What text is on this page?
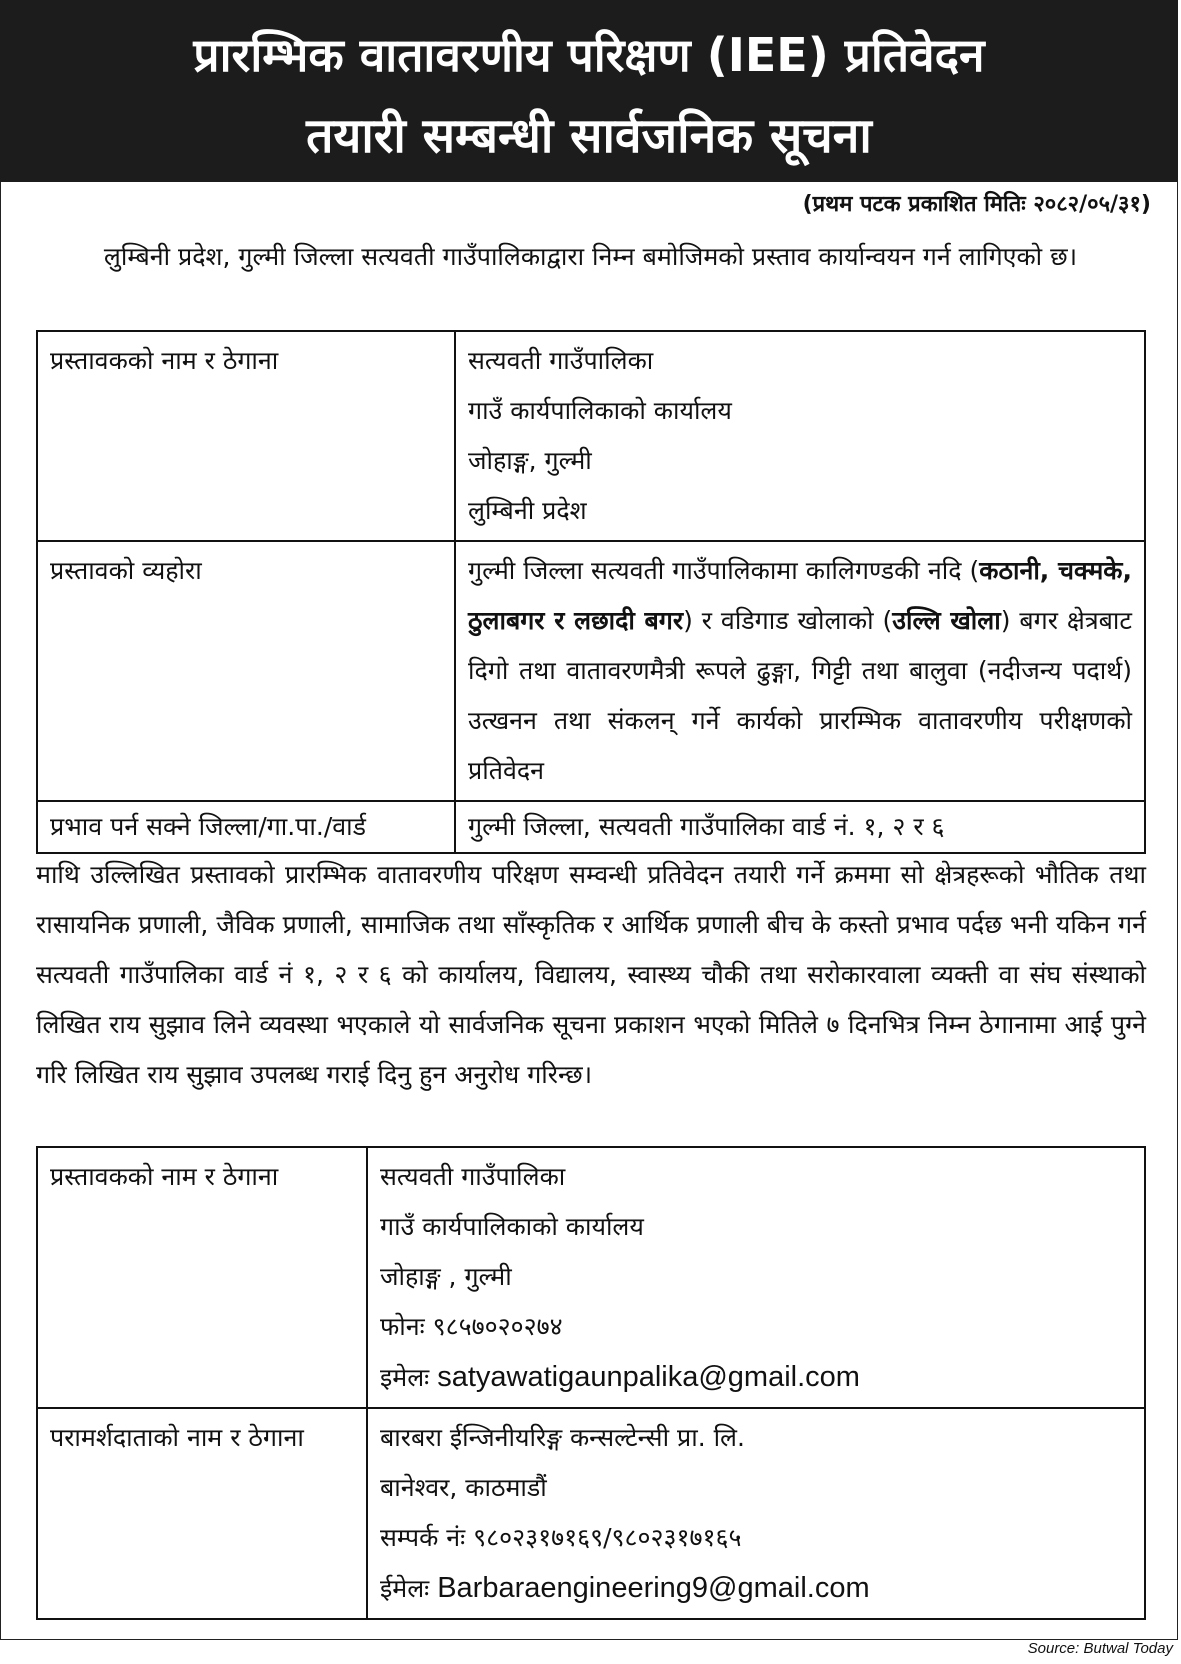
प्रारम्भिक वातावरणीय परिक्षण (IEE) प्रतिवेदन
तयारी सम्बन्धी सार्वजनिक सूचना
(प्रथम पटक प्रकाशित मितिः २०८२/०५/३१)
लुम्बिनी प्रदेश, गुल्मी जिल्ला सत्यवती गाउँपालिकाद्वारा निम्न बमोजिमको प्रस्ताव कार्यान्वयन गर्न लागिएको छ।
प्रस्तावकको नाम र ठेगाना	सत्यवती गाउँपालिका
गाउँ कार्यपालिकाको कार्यालय
जोहाङ्ग, गुल्मी
लुम्बिनी प्रदेश

प्रस्तावको व्यहोरा	गुल्मी जिल्ला सत्यवती गाउँपालिकामा कालिगण्डकी नदि (कठानी, चक्मके, ठुलाबगर र लछादी बगर) र वडिगाड खोलाको (उल्लि खोला) बगर क्षेत्रबाट दिगो तथा वातावरणमैत्री रूपले ढुङ्गा, गिट्टी तथा बालुवा (नदीजन्य पदार्थ) उत्खनन तथा संकलन् गर्ने कार्यको प्रारम्भिक वातावरणीय परीक्षणको प्रतिवेदन
प्रभाव पर्न सक्ने जिल्ला/गा.पा./वार्ड	गुल्मी जिल्ला, सत्यवती गाउँपालिका वार्ड नं. १, २ र ६
माथि उल्लिखित प्रस्तावको प्रारम्भिक वातावरणीय परिक्षण सम्वन्धी प्रतिवेदन तयारी गर्ने क्रममा सो क्षेत्रहरूको भौतिक तथा रासायनिक प्रणाली, जैविक प्रणाली, सामाजिक तथा साँस्कृतिक र आर्थिक प्रणाली बीच के कस्तो प्रभाव पर्दछ भनी यकिन गर्न सत्यवती गाउँपालिका वार्ड नं १, २ र ६ को कार्यालय, विद्यालय, स्वास्थ्य चौकी तथा सरोकारवाला व्यक्ती वा संघ संस्थाको लिखित राय सुझाव लिने व्यवस्था भएकाले यो सार्वजनिक सूचना प्रकाशन भएको मितिले ७ दिनभित्र निम्न ठेगानामा आई पुग्ने गरि लिखित राय सुझाव उपलब्ध गराई दिनु हुन अनुरोध गरिन्छ।
प्रस्तावकको नाम र ठेगाना	सत्यवती गाउँपालिका
गाउँ कार्यपालिकाको कार्यालय
जोहाङ्ग , गुल्मी
फोनः ९८५७०२०२७४
इमेलः satyawatigaunpalika@gmail.com

परामर्शदाताको नाम र ठेगाना	बारबरा ईन्जिनीयरिङ्ग कन्सल्टेन्सी प्रा. लि.
बानेश्वर, काठमाडौं
सम्पर्क नंः ९८०२३१७१६९/९८०२३१७१६५
ईमेलः Barbaraengineering9@gmail.com
Source: Butwal Today
